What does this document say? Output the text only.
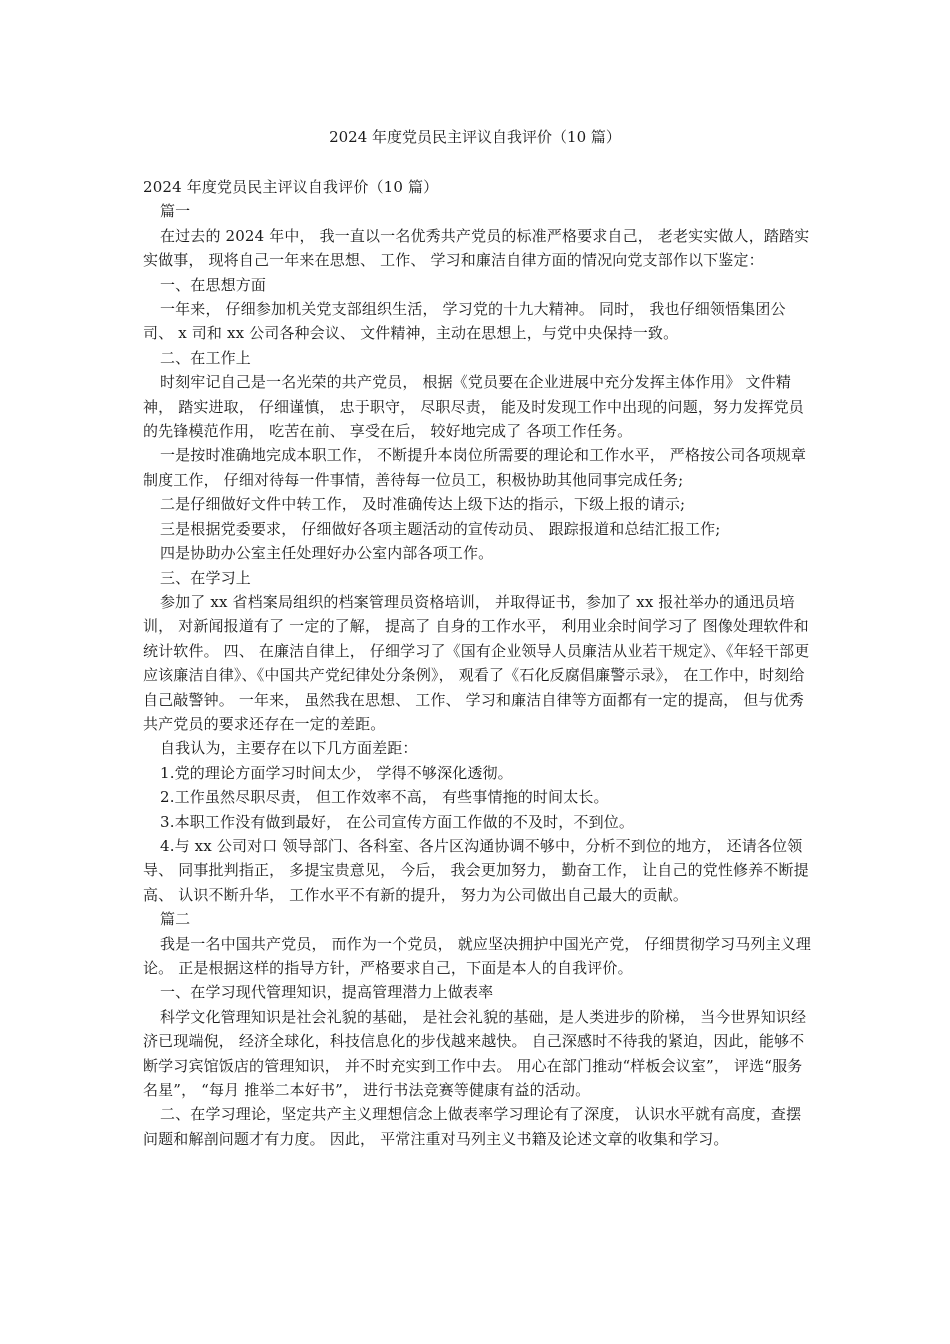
2024 年度党员民主评议自我评价（10 篇）

2024 年度党员民主评议自我评价（10 篇）

篇一

在过去的 2024 年中， 我一直以一名优秀共产党员的标准严格要求自己， 老老实实做人，踏踏实实做事， 现将自己一年来在思想、 工作、 学习和廉洁自律方面的情况向党支部作以下鉴定：

一、在思想方面

一年来， 仔细参加机关党支部组织生活， 学习党的十九大精神。 同时， 我也仔细领悟集团公司、 x 司和 xx 公司各种会议、 文件精神，主动在思想上，与党中央保持一致。

二、在工作上

时刻牢记自己是一名光荣的共产党员， 根据《党员要在企业进展中充分发挥主体作用》 文件精神， 踏实进取， 仔细谨慎， 忠于职守， 尽职尽责， 能及时发现工作中出现的问题，努力发挥党员的先锋模范作用， 吃苦在前、 享受在后， 较好地完成了 各项工作任务。

一是按时准确地完成本职工作， 不断提升本岗位所需要的理论和工作水平， 严格按公司各项规章制度工作， 仔细对待每一件事情，善待每一位员工，积极协助其他同事完成任务;

二是仔细做好文件中转工作， 及时准确传达上级下达的指示，下级上报的请示;

三是根据党委要求， 仔细做好各项主题活动的宣传动员、 跟踪报道和总结汇报工作;

四是协助办公室主任处理好办公室内部各项工作。

三、在学习上

参加了 xx 省档案局组织的档案管理员资格培训， 并取得证书，参加了 xx 报社举办的通迅员培训， 对新闻报道有了 一定的了解， 提高了 自身的工作水平， 利用业余时间学习了 图像处理软件和统计软件。 四、 在廉洁自律上， 仔细学习了《国有企业领导人员廉洁从业若干规定》、《年轻干部更应该廉洁自律》、《中国共产党纪律处分条例》， 观看了《石化反腐倡廉警示录》， 在工作中，时刻给自己敲警钟。 一年来， 虽然我在思想、 工作、 学习和廉洁自律等方面都有一定的提高， 但与优秀共产党员的要求还存在一定的差距。

自我认为，主要存在以下几方面差距：

1.党的理论方面学习时间太少， 学得不够深化透彻。

2.工作虽然尽职尽责， 但工作效率不高， 有些事情拖的时间太长。

3.本职工作没有做到最好， 在公司宣传方面工作做的不及时，不到位。

4.与 xx 公司对口 领导部门、各科室、各片区沟通协调不够中，分析不到位的地方， 还请各位领导、 同事批判指正， 多提宝贵意见， 今后， 我会更加努力， 勤奋工作， 让自己的党性修养不断提高、 认识不断升华， 工作水平不有新的提升， 努力为公司做出自己最大的贡献。

篇二

我是一名中国共产党员， 而作为一个党员， 就应坚决拥护中国光产党， 仔细贯彻学习马列主义理论。 正是根据这样的指导方针，严格要求自己，下面是本人的自我评价。

一、在学习现代管理知识，提高管理潜力上做表率

科学文化管理知识是社会礼貌的基础， 是社会礼貌的基础，是人类进步的阶梯， 当今世界知识经济已现端倪， 经济全球化，科技信息化的步伐越来越快。 自己深感时不待我的紧迫，因此，能够不断学习宾馆饭店的管理知识， 并不时充实到工作中去。 用心在部门推动“样板会议室”， 评选“服务名星”， “每月 推举二本好书”， 进行书法竞赛等健康有益的活动。

二、在学习理论，坚定共产主义理想信念上做表率学习理论有了深度， 认识水平就有高度，查摆问题和解剖问题才有力度。 因此， 平常注重对马列主义书籍及论述文章的收集和学习。
